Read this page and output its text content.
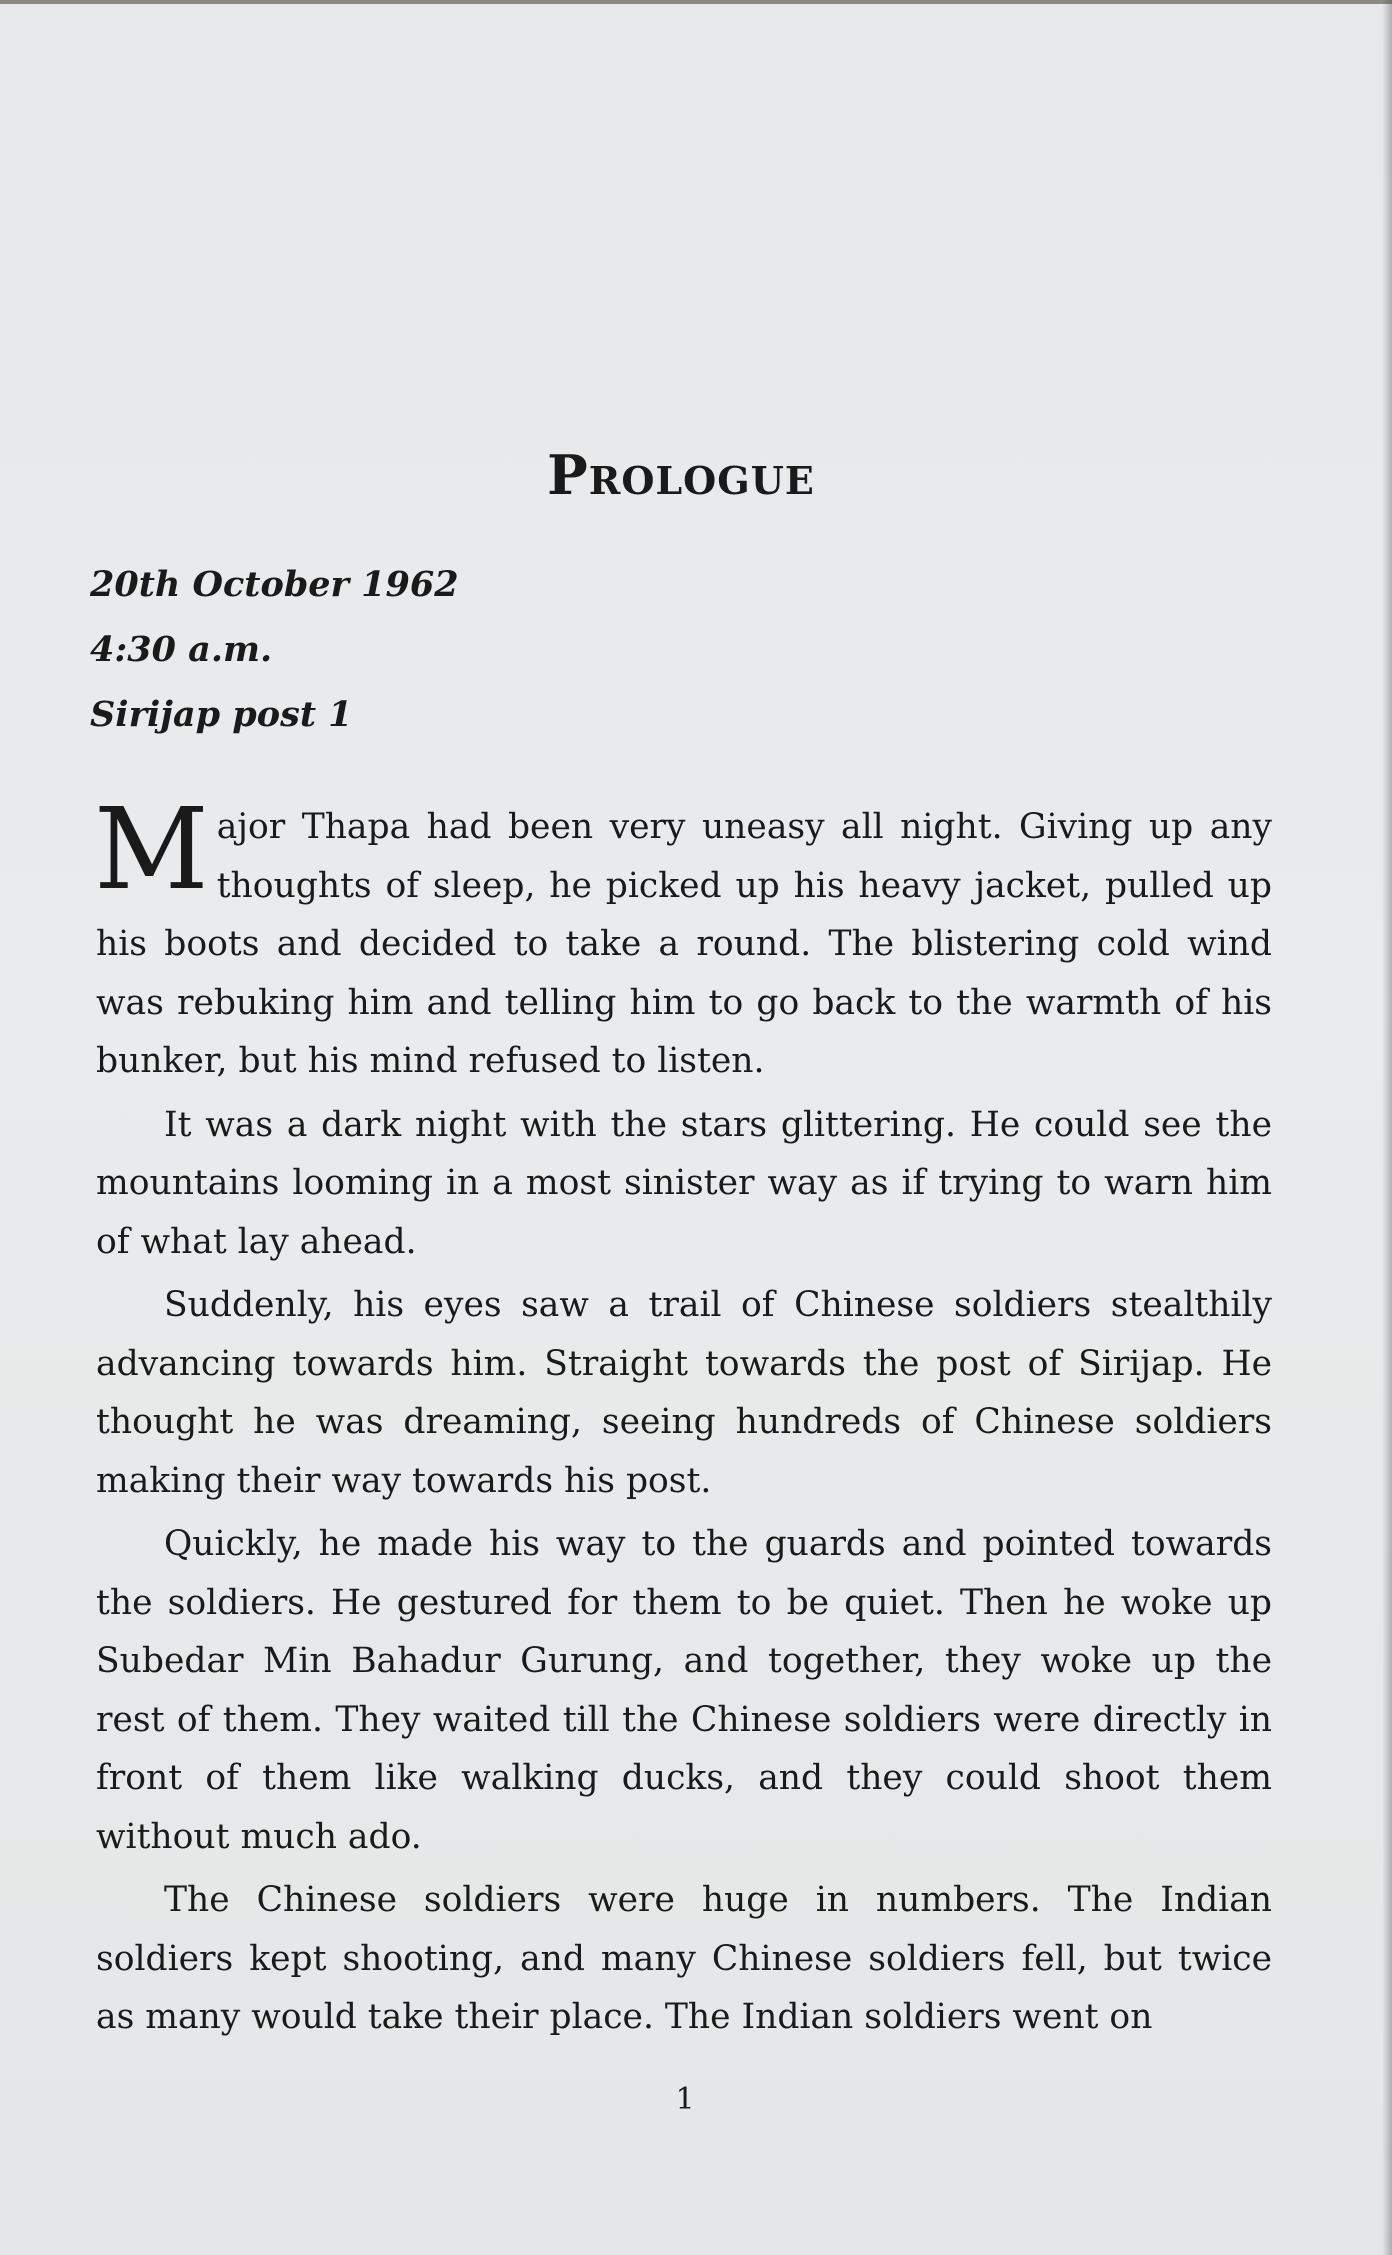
Prologue
20th October 1962
4:30 a.m.
Sirijap post 1

Major Thapa had been very uneasy all night. Giving up any thoughts of sleep, he picked up his heavy jacket, pulled up his boots and decided to take a round. The blistering cold wind was rebuking him and telling him to go back to the warmth of his bunker, but his mind refused to listen.

It was a dark night with the stars glittering. He could see the mountains looming in a most sinister way as if trying to warn him of what lay ahead.

Suddenly, his eyes saw a trail of Chinese soldiers stealthily advancing towards him. Straight towards the post of Sirijap. He thought he was dreaming, seeing hundreds of Chinese soldiers making their way towards his post.

Quickly, he made his way to the guards and pointed towards the soldiers. He gestured for them to be quiet. Then he woke up Subedar Min Bahadur Gurung, and together, they woke up the rest of them. They waited till the Chinese soldiers were directly in front of them like walking ducks, and they could shoot them without much ado.

The Chinese soldiers were huge in numbers. The Indian soldiers kept shooting, and many Chinese soldiers fell, but twice as many would take their place. The Indian soldiers went on

1
